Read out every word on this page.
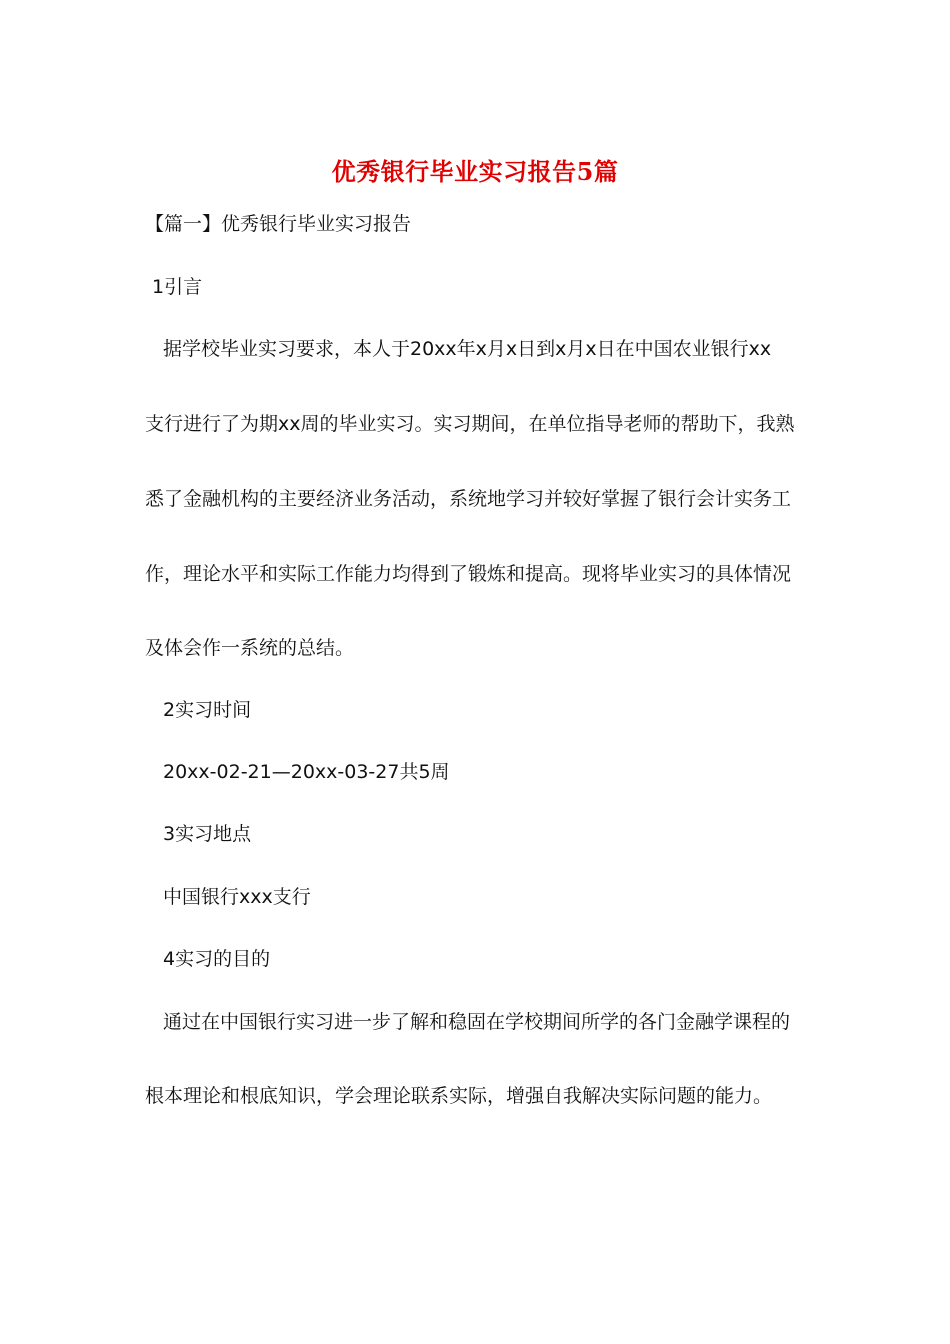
优秀银行毕业实习报告5篇
【篇一】优秀银行毕业实习报告
1引言
据学校毕业实习要求，本人于20xx年x月x日到x月x日在中国农业银行xx
支行进行了为期xx周的毕业实习。实习期间，在单位指导老师的帮助下，我熟
悉了金融机构的主要经济业务活动，系统地学习并较好掌握了银行会计实务工
作，理论水平和实际工作能力均得到了锻炼和提高。现将毕业实习的具体情况
及体会作一系统的总结。
2实习时间
20xx-02-21—20xx-03-27共5周
3实习地点
中国银行xxx支行
4实习的目的
通过在中国银行实习进一步了解和稳固在学校期间所学的各门金融学课程的
根本理论和根底知识，学会理论联系实际，增强自我解决实际问题的能力。
